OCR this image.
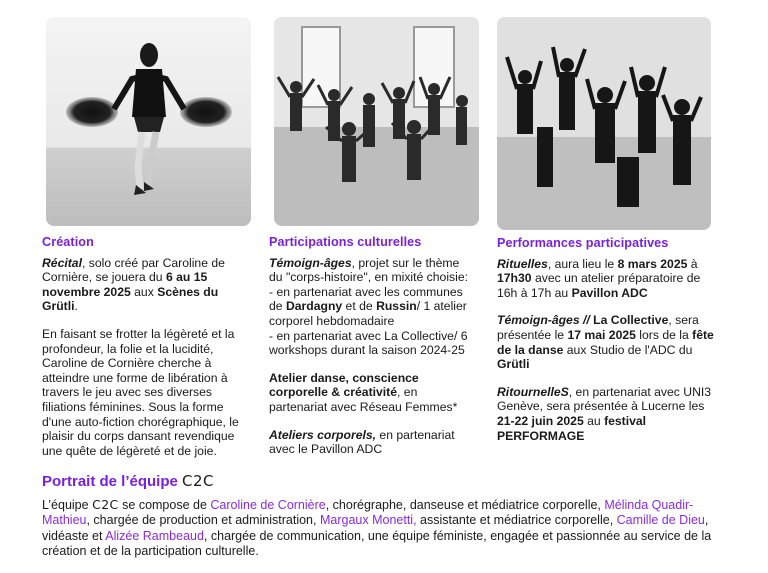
Création

Récital, solo créé par Caroline de Cornière, se jouera du 6 au 15 novembre 2025 aux Scènes du Grütli.

En faisant se frotter la légèreté et la profondeur, la folie et la lucidité, Caroline de Cornière cherche à atteindre une forme de libération à travers le jeu avec ses diverses filiations féminines. Sous la forme d'une auto-fiction chorégraphique, le plaisir du corps dansant revendique une quête de légèreté et de joie.

Participations culturelles

Témoign-âges, projet sur le thème du "corps-histoire", en mixité choisie:
- en partenariat avec les communes de Dardagny et de Russin/ 1 atelier corporel hebdomadaire
- en partenariat avec La Collective/ 6 workshops durant la saison 2024-25

Atelier danse, conscience corporelle & créativité, en partenariat avec Réseau Femmes*

Ateliers corporels, en partenariat avec le Pavillon ADC

Performances participatives

Rituelles, aura lieu le 8 mars 2025 à 17h30 avec un atelier préparatoire de 16h à 17h au Pavillon ADC

Témoign-âges // La Collective, sera présentée le 17 mai 2025 lors de la fête de la danse aux Studio de l'ADC du Grütli

RitournelleS, en partenariat avec UNI3 Genève, sera présentée à Lucerne les 21-22 juin 2025 au festival PERFORMAGE

Portrait de l’équipe C2C
L’équipe C2C se compose de Caroline de Cornière, chorégraphe, danseuse et médiatrice corporelle, Mélinda Quadir-Mathieu, chargée de production et administration, Margaux Monetti, assistante et médiatrice corporelle, Camille de Dieu, vidéaste et Alizée Rambeaud, chargée de communication, une équipe féministe, engagée et passionnée au service de la création et de la participation culturelle.
